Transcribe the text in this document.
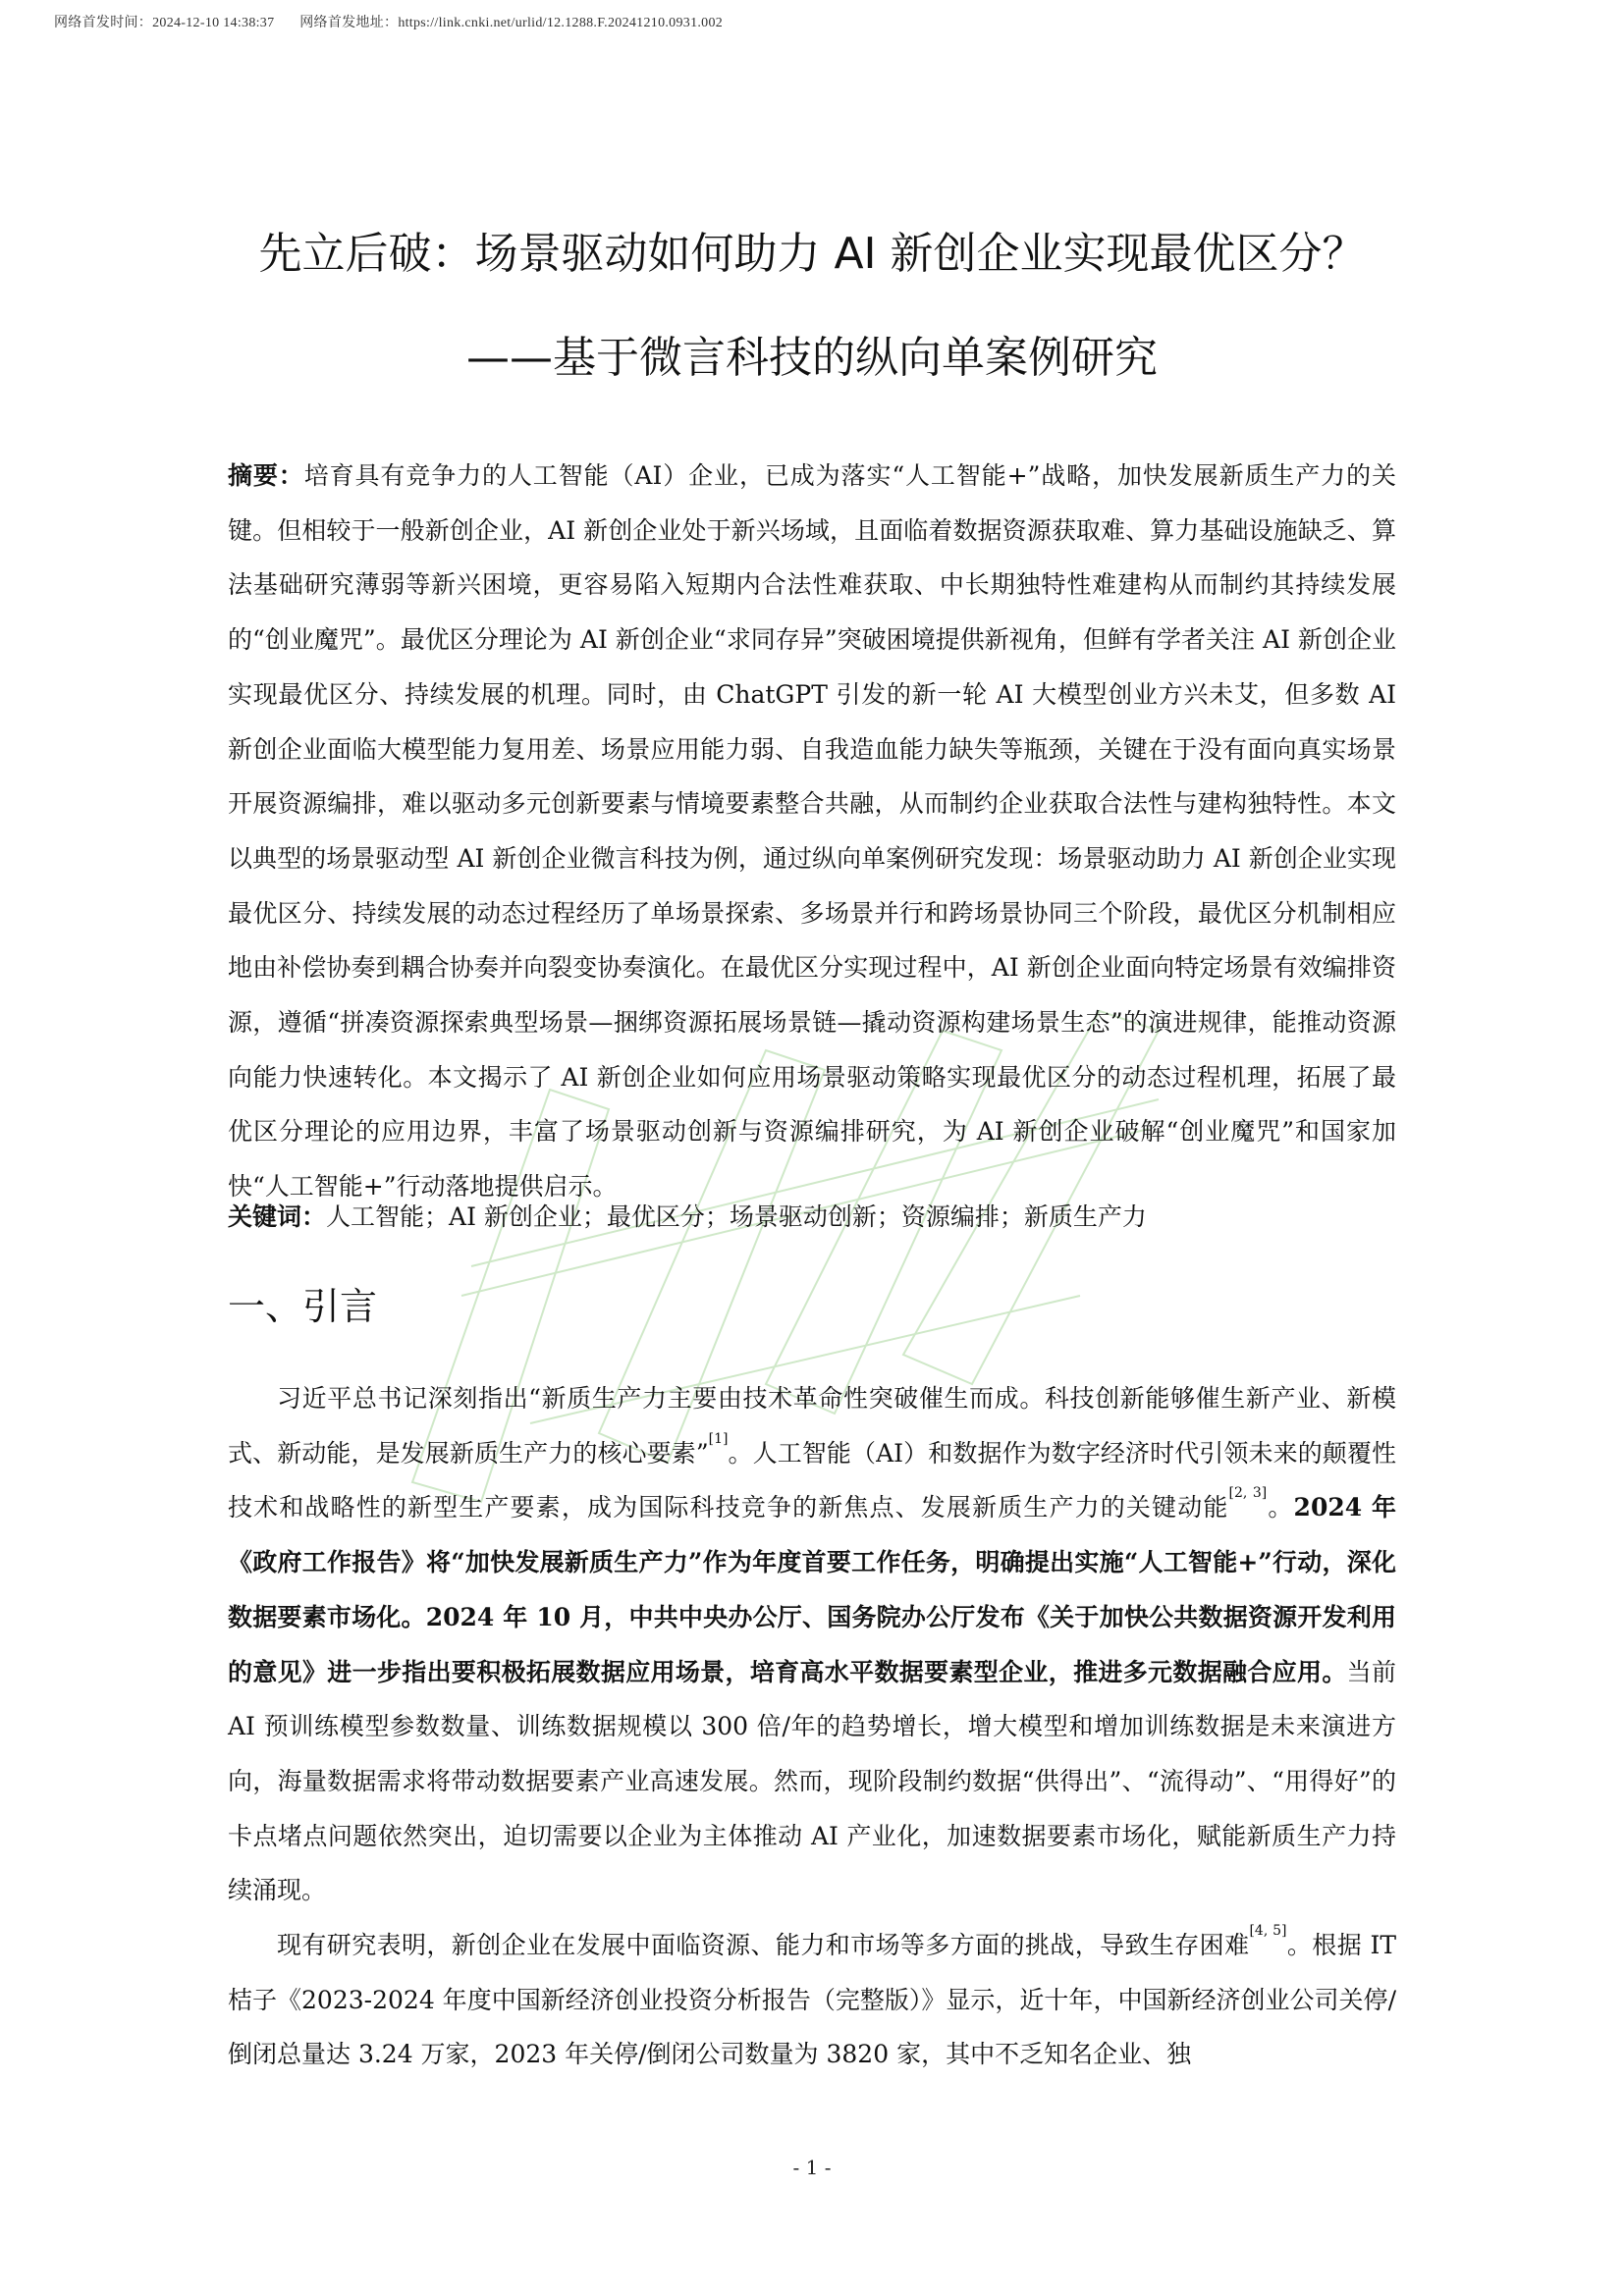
网络首发时间：2024-12-10 14:38:37 网络首发地址：https://link.cnki.net/urlid/12.1288.F.20241210.0931.002
先立后破：场景驱动如何助力 AI 新创企业实现最优区分？
——基于微言科技的纵向单案例研究
摘要：培育具有竞争力的人工智能（AI）企业，已成为落实“人工智能+”战略，加快发展新质生产力的关键。但相较于一般新创企业，AI 新创企业处于新兴场域，且面临着数据资源获取难、算力基础设施缺乏、算法基础研究薄弱等新兴困境，更容易陷入短期内合法性难获取、中长期独特性难建构从而制约其持续发展的“创业魔咒”。最优区分理论为 AI 新创企业“求同存异”突破困境提供新视角，但鲜有学者关注 AI 新创企业实现最优区分、持续发展的机理。同时，由 ChatGPT 引发的新一轮 AI 大模型创业方兴未艾，但多数 AI 新创企业面临大模型能力复用差、场景应用能力弱、自我造血能力缺失等瓶颈，关键在于没有面向真实场景开展资源编排，难以驱动多元创新要素与情境要素整合共融，从而制约企业获取合法性与建构独特性。本文以典型的场景驱动型 AI 新创企业微言科技为例，通过纵向单案例研究发现：场景驱动助力 AI 新创企业实现最优区分、持续发展的动态过程经历了单场景探索、多场景并行和跨场景协同三个阶段，最优区分机制相应地由补偿协奏到耦合协奏并向裂变协奏演化。在最优区分实现过程中，AI 新创企业面向特定场景有效编排资源，遵循“拼凑资源探索典型场景—捆绑资源拓展场景链—撬动资源构建场景生态”的演进规律，能推动资源向能力快速转化。本文揭示了 AI 新创企业如何应用场景驱动策略实现最优区分的动态过程机理，拓展了最优区分理论的应用边界，丰富了场景驱动创新与资源编排研究，为 AI 新创企业破解“创业魔咒”和国家加快“人工智能+”行动落地提供启示。
关键词：人工智能；AI 新创企业；最优区分；场景驱动创新；资源编排；新质生产力
一、引言

习近平总书记深刻指出“新质生产力主要由技术革命性突破催生而成。科技创新能够催生新产业、新模式、新动能，是发展新质生产力的核心要素”[1]。人工智能（AI）和数据作为数字经济时代引领未来的颠覆性技术和战略性的新型生产要素，成为国际科技竞争的新焦点、发展新质生产力的关键动能[2, 3]。2024 年《政府工作报告》将“加快发展新质生产力”作为年度首要工作任务，明确提出实施“人工智能+”行动，深化数据要素市场化。2024 年 10 月，中共中央办公厅、国务院办公厅发布《关于加快公共数据资源开发利用的意见》进一步指出要积极拓展数据应用场景，培育高水平数据要素型企业，推进多元数据融合应用。当前 AI 预训练模型参数数量、训练数据规模以 300 倍/年的趋势增长，增大模型和增加训练数据是未来演进方向，海量数据需求将带动数据要素产业高速发展。然而，现阶段制约数据“供得出”、“流得动”、“用得好”的卡点堵点问题依然突出，迫切需要以企业为主体推动 AI 产业化，加速数据要素市场化，赋能新质生产力持续涌现。

现有研究表明，新创企业在发展中面临资源、能力和市场等多方面的挑战，导致生存困难[4, 5]。根据 IT 桔子《2023-2024 年度中国新经济创业投资分析报告（完整版）》显示，近十年，中国新经济创业公司关停/倒闭总量达 3.24 万家，2023 年关停/倒闭公司数量为 3820 家，其中不乏知名企业、独

- 1 -
